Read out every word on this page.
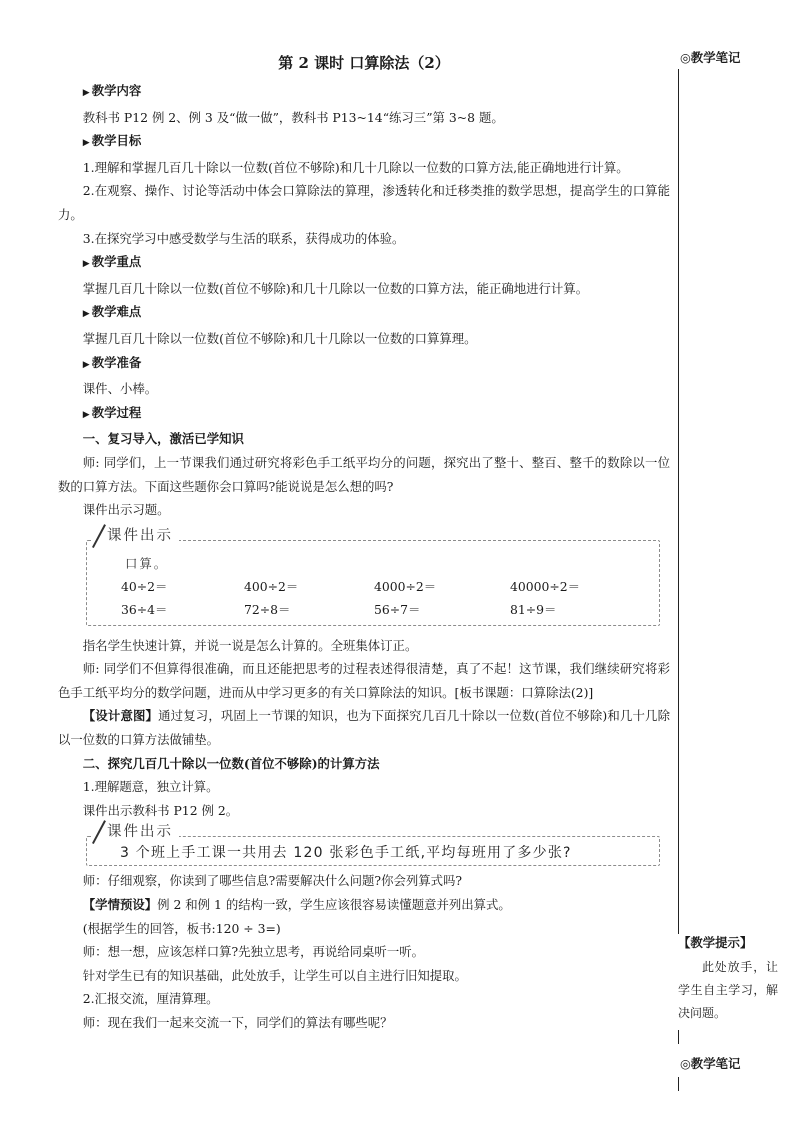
第 2 课时 口算除法（2）
▶ 教学内容
教科书 P12 例 2、例 3 及“做一做”，教科书 P13~14“练习三”第 3~8 题。
▶ 教学目标
1.理解和掌握几百几十除以一位数(首位不够除)和几十几除以一位数的口算方法,能正确地进行计算。
2.在观察、操作、讨论等活动中体会口算除法的算理，渗透转化和迁移类推的数学思想，提高学生的口算能力。
3.在探究学习中感受数学与生活的联系，获得成功的体验。
▶ 教学重点
掌握几百几十除以一位数(首位不够除)和几十几除以一位数的口算方法，能正确地进行计算。
▶ 教学难点
掌握几百几十除以一位数(首位不够除)和几十几除以一位数的口算算理。
▶ 教学准备
课件、小棒。
▶ 教学过程
一、复习导入，激活已学知识
师: 同学们，上一节课我们通过研究将彩色手工纸平均分的问题，探究出了整十、整百、整千的数除以一位数的口算方法。下面这些题你会口算吗?能说说是怎么想的吗?
课件出示习题。
课件出示
口算。
40÷2＝	400÷2＝	4000÷2＝	40000÷2＝
36÷4＝	72÷8＝	56÷7＝	81÷9＝
指名学生快速计算，并说一说是怎么计算的。全班集体订正。
师: 同学们不但算得很准确，而且还能把思考的过程表述得很清楚，真了不起！这节课，我们继续研究将彩色手工纸平均分的数学问题，进而从中学习更多的有关口算除法的知识。[板书课题：口算除法(2)]
【设计意图】通过复习，巩固上一节课的知识，也为下面探究几百几十除以一位数(首位不够除)和几十几除以一位数的口算方法做铺垫。
二、探究几百几十除以一位数(首位不够除)的计算方法
1.理解题意，独立计算。
课件出示教科书 P12 例 2。
课件出示
3 个班上手工课一共用去 120 张彩色手工纸,平均每班用了多少张?
师：仔细观察，你读到了哪些信息?需要解决什么问题?你会列算式吗?
【学情预设】例 2 和例 1 的结构一致，学生应该很容易读懂题意并列出算式。
(根据学生的回答，板书:120 ÷ 3=)
师：想一想，应该怎样口算?先独立思考，再说给同桌听一听。
针对学生已有的知识基础，此处放手，让学生可以自主进行旧知提取。
2.汇报交流，厘清算理。
师：现在我们一起来交流一下，同学们的算法有哪些呢？
◎教学笔记
【教学提示】
此处放手，让学生自主学习，解决问题。
◎教学笔记
